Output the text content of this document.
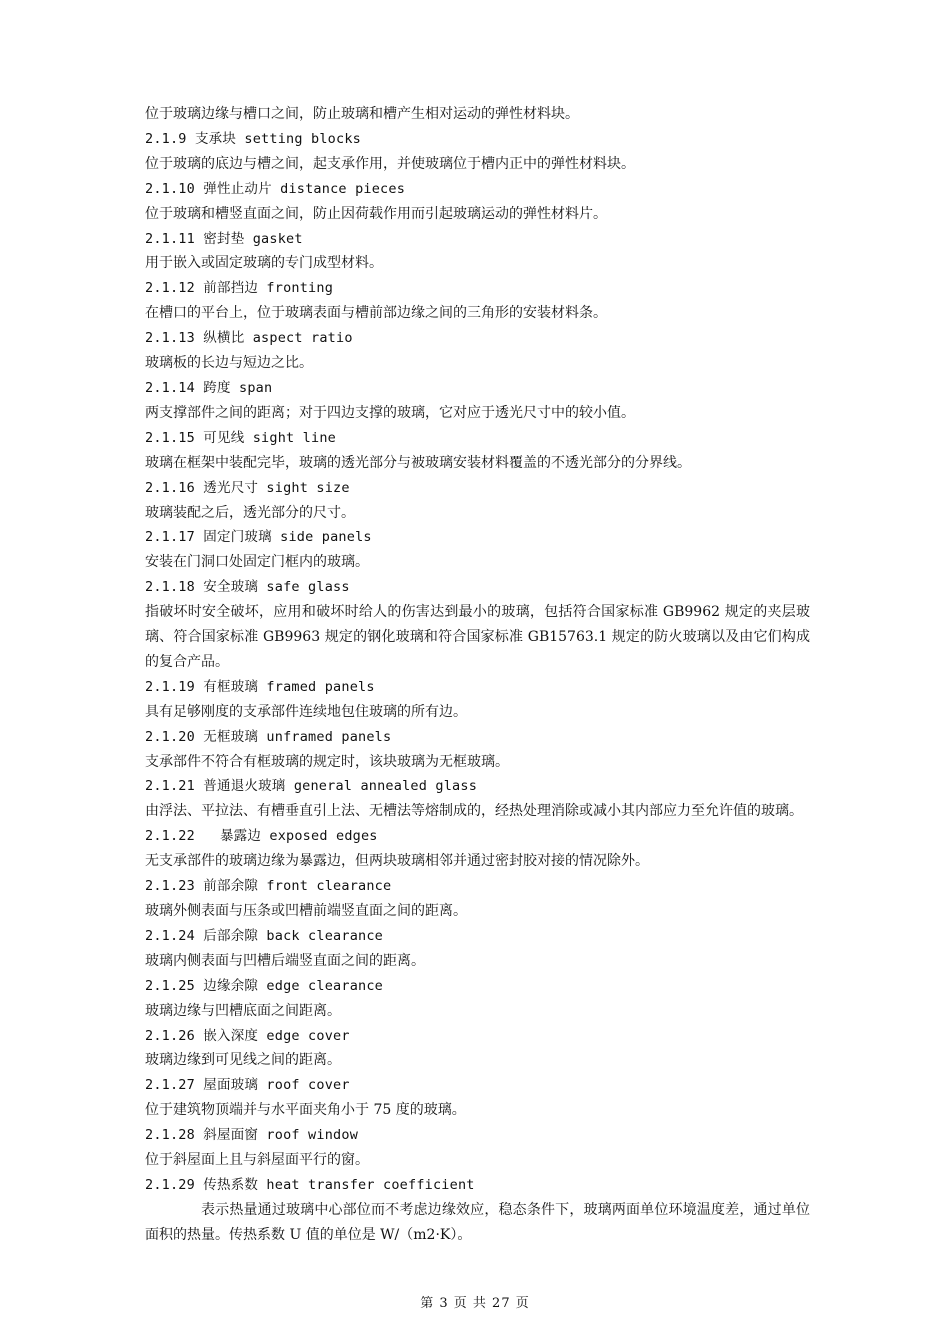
位于玻璃边缘与槽口之间，防止玻璃和槽产生相对运动的弹性材料块。
2.1.9 支承块 setting blocks
位于玻璃的底边与槽之间，起支承作用，并使玻璃位于槽内正中的弹性材料块。
2.1.10 弹性止动片 distance pieces
位于玻璃和槽竖直面之间，防止因荷载作用而引起玻璃运动的弹性材料片。
2.1.11 密封垫 gasket
用于嵌入或固定玻璃的专门成型材料。
2.1.12 前部挡边 fronting
在槽口的平台上，位于玻璃表面与槽前部边缘之间的三角形的安装材料条。
2.1.13 纵横比 aspect ratio
玻璃板的长边与短边之比。
2.1.14 跨度 span
两支撑部件之间的距离；对于四边支撑的玻璃，它对应于透光尺寸中的较小值。
2.1.15 可见线 sight line
玻璃在框架中装配完毕，玻璃的透光部分与被玻璃安装材料覆盖的不透光部分的分界线。
2.1.16 透光尺寸 sight size
玻璃装配之后，透光部分的尺寸。
2.1.17 固定门玻璃 side panels
安装在门洞口处固定门框内的玻璃。
2.1.18 安全玻璃 safe glass
指破坏时安全破坏，应用和破坏时给人的伤害达到最小的玻璃，包括符合国家标准 GB9962 规定的夹层玻璃、符合国家标准 GB9963 规定的钢化玻璃和符合国家标准 GB15763.1 规定的防火玻璃以及由它们构成的复合产品。
2.1.19 有框玻璃 framed panels
具有足够刚度的支承部件连续地包住玻璃的所有边。
2.1.20 无框玻璃 unframed panels
支承部件不符合有框玻璃的规定时，该块玻璃为无框玻璃。
2.1.21 普通退火玻璃 general annealed glass
由浮法、平拉法、有槽垂直引上法、无槽法等熔制成的，经热处理消除或减小其内部应力至允许值的玻璃。
2.1.22   暴露边 exposed edges
无支承部件的玻璃边缘为暴露边，但两块玻璃相邻并通过密封胶对接的情况除外。
2.1.23 前部余隙 front clearance
玻璃外侧表面与压条或凹槽前端竖直面之间的距离。
2.1.24 后部余隙 back clearance
玻璃内侧表面与凹槽后端竖直面之间的距离。
2.1.25 边缘余隙 edge clearance
玻璃边缘与凹槽底面之间距离。
2.1.26 嵌入深度 edge cover
玻璃边缘到可见线之间的距离。
2.1.27 屋面玻璃 roof cover
位于建筑物顶端并与水平面夹角小于 75 度的玻璃。
2.1.28 斜屋面窗 roof window
位于斜屋面上且与斜屋面平行的窗。
2.1.29 传热系数 heat transfer coefficient
表示热量通过玻璃中心部位而不考虑边缘效应，稳态条件下，玻璃两面单位环境温度差，通过单位面积的热量。传热系数 U 值的单位是 W/（m2·K）。
第 3 页 共 27 页
